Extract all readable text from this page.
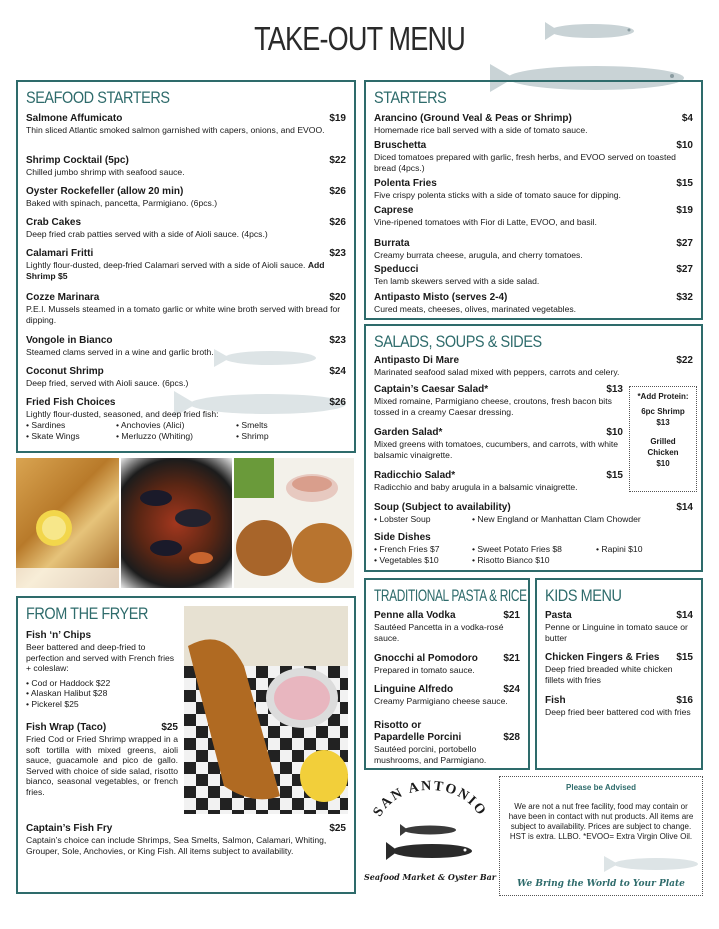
TAKE-OUT MENU
SEAFOOD STARTERS
Salmone Affumicato	$19
Thin sliced Atlantic smoked salmon garnished with capers, onions, and EVOO.
Shrimp Cocktail (5pc)	$22
Chilled jumbo shrimp with seafood sauce.
Oyster Rockefeller (allow 20 min)	$26
Baked with spinach, pancetta, Parmigiano. (6pcs.)
Crab Cakes	$26
Deep fried crab patties served with a side of Aioli sauce. (4pcs.)
Calamari Fritti	$23
Lightly flour-dusted, deep-fried Calamari served with a side of Aioli sauce. Add Shrimp $5
Cozze Marinara	$20
P.E.I. Mussels steamed in a tomato garlic or white wine broth served with bread for dipping.
Vongole in Bianco	$23
Steamed clams served in a wine and garlic broth.
Coconut Shrimp	$24
Deep fried, served with Aioli sauce. (6pcs.)
Fried Fish Choices	$26
Lightly flour-dusted, seasoned, and deep fried fish:
• Sardines	• Anchovies (Alici)	• Smelts
• Skate Wings	• Merluzzo (Whiting)	• Shrimp
STARTERS
Arancino (Ground Veal & Peas or Shrimp)	$4
Homemade rice ball served with a side of tomato sauce.
Bruschetta	$10
Diced tomatoes prepared with garlic, fresh herbs, and EVOO served on toasted bread (4pcs.)
Polenta Fries	$15
Five crispy polenta sticks with a side of tomato sauce for dipping.
Caprese	$19
Vine-ripened tomatoes with Fior di Latte, EVOO, and basil.
Burrata	$27
Creamy burrata cheese, arugula, and cherry tomatoes.
Speducci	$27
Ten lamb skewers served with a side salad.
Antipasto Misto (serves 2-4)	$32
Cured meats, cheeses, olives, marinated vegetables.
SALADS, SOUPS & SIDES
Antipasto Di Mare	$22
Marinated seafood salad mixed with peppers, carrots and celery.
Captain’s Caesar Salad*	$13
Mixed romaine, Parmigiano cheese, croutons, fresh bacon bits tossed in a creamy Caesar dressing.
Garden Salad*	$10
Mixed greens with tomatoes, cucumbers, and carrots, with white balsamic vinaigrette.
Radicchio Salad*	$15
Radicchio and baby arugula in a balsamic vinaigrette.
*Add Protein:
6pc Shrimp
$13
Grilled Chicken
$10
Soup (Subject to availability)	$14
• Lobster Soup	• New England or Manhattan Clam Chowder
Side Dishes
• French Fries $7	• Sweet Potato Fries $8	• Rapini $10
• Vegetables $10	• Risotto Bianco $10
FROM THE FRYER
Fish ‘n’ Chips
Beer battered and deep-fried to perfection and served with French fries + coleslaw:
• Cod or Haddock $22
• Alaskan Halibut $28
• Pickerel $25
Fish Wrap (Taco)	$25
Fried Cod or Fried Shrimp wrapped in a soft tortilla with mixed greens, aioli sauce, guacamole and pico de gallo. Served with choice of side salad, risotto bianco, seasonal vegetables, or french fries.
Captain’s Fish Fry	$25
Captain’s choice can include Shrimps, Sea Smelts, Salmon, Calamari, Whiting, Grouper, Sole, Anchovies, or King Fish. All items subject to availability.
TRADITIONAL PASTA & RICE
Penne alla Vodka	$21
Sautéed Pancetta in a vodka-rosé sauce.
Gnocchi al Pomodoro	$21
Prepared in tomato sauce.
Linguine Alfredo	$24
Creamy Parmigiano cheese sauce.
Risotto or Papardelle Porcini	$28
Sautéed porcini, portobello mushrooms, and Parmigiano.
KIDS MENU
Pasta	$14
Penne or Linguine in tomato sauce or butter
Chicken Fingers & Fries	$15
Deep fried breaded white chicken fillets with fries
Fish	$16
Deep fried beer battered cod with fries
SAN ANTONIO
Seafood Market & Oyster Bar
Please be Advised
We are not a nut free facility, food may contain or have been in contact with nut products. All items are subject to availability. Prices are subject to change. HST is extra. LLBO. *EVOO= Extra Virgin Olive Oil.
We Bring the World to Your Plate
